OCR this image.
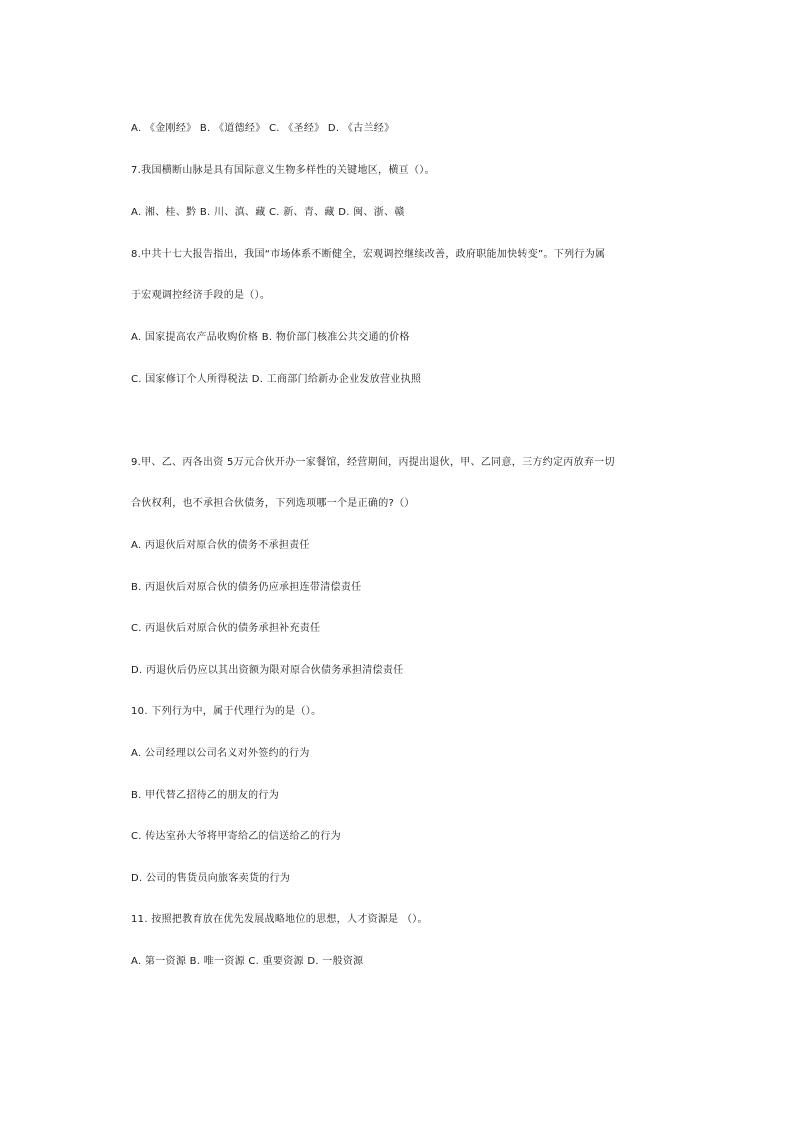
A. 《金刚经》 B. 《道德经》 C. 《圣经》 D. 《古兰经》
7.我国横断山脉是具有国际意义生物多样性的关键地区，横亘（）。
A. 湘、桂、黔 B. 川、滇、藏 C. 新、青、藏 D. 闽、浙、赣
8.中共十七大报告指出，我国“市场体系不断健全，宏观调控继续改善，政府职能加快转变”。下列行为属
于宏观调控经济手段的是（）。
A. 国家提高农产品收购价格 B. 物价部门核准公共交通的价格
C. 国家修订个人所得税法 D. 工商部门给新办企业发放营业执照
9.甲、乙、丙各出资 5万元合伙开办一家餐馆，经营期间，丙提出退伙，甲、乙同意，三方约定丙放弃一切
合伙权利，也不承担合伙债务，下列选项哪一个是正确的?（）
A. 丙退伙后对原合伙的债务不承担责任
B. 丙退伙后对原合伙的债务仍应承担连带清偿责任
C. 丙退伙后对原合伙的债务承担补充责任
D. 丙退伙后仍应以其出资额为限对原合伙债务承担清偿责任
10. 下列行为中，属于代理行为的是（）。
A. 公司经理以公司名义对外签约的行为
B. 甲代替乙招待乙的朋友的行为
C. 传达室孙大爷将甲寄给乙的信送给乙的行为
D. 公司的售货员向旅客卖货的行为
11. 按照把教育放在优先发展战略地位的思想，人才资源是 （）。
A. 第一资源 B. 唯一资源 C. 重要资源 D. 一般资源
